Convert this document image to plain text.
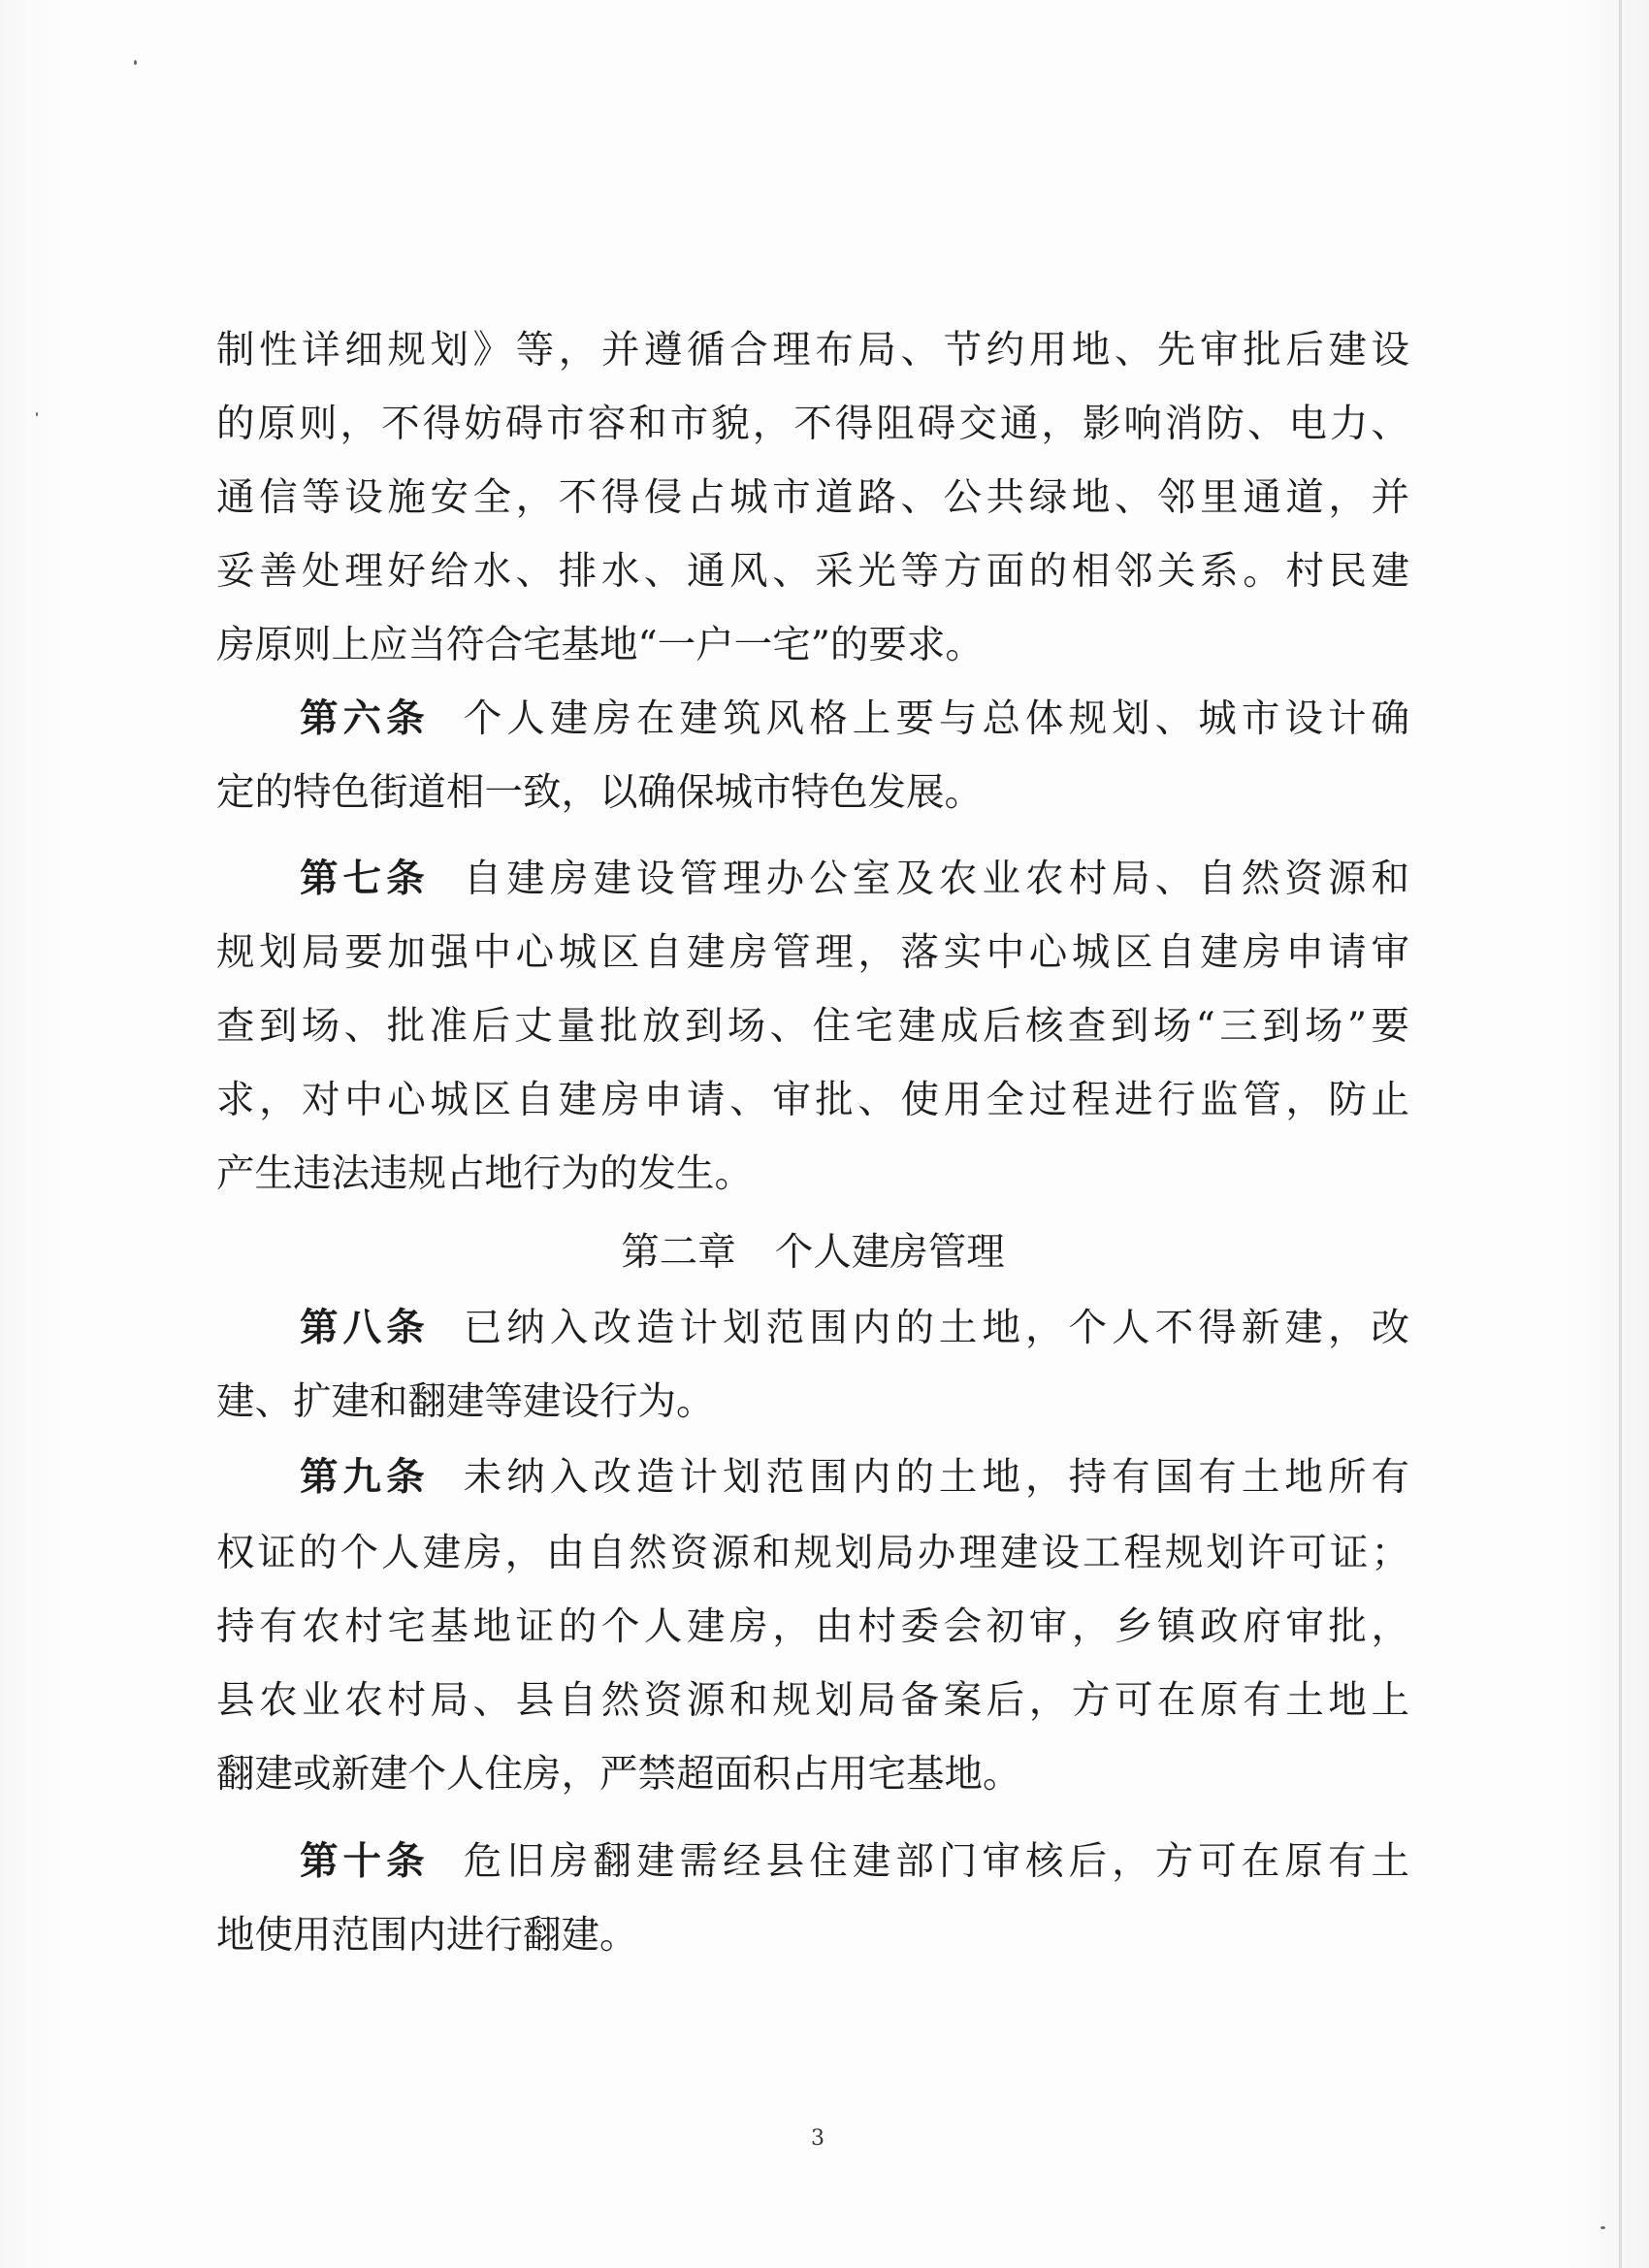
制性详细规划》等，并遵循合理布局、节约用地、先审批后建设
的原则，不得妨碍市容和市貌，不得阻碍交通，影响消防、电力、
通信等设施安全，不得侵占城市道路、公共绿地、邻里通道，并
妥善处理好给水、排水、通风、采光等方面的相邻关系。村民建
房原则上应当符合宅基地“一户一宅”的要求。
第六条 个人建房在建筑风格上要与总体规划、城市设计确
定的特色街道相一致，以确保城市特色发展。
第七条 自建房建设管理办公室及农业农村局、自然资源和
规划局要加强中心城区自建房管理，落实中心城区自建房申请审
查到场、批准后丈量批放到场、住宅建成后核查到场“三到场”要
求，对中心城区自建房申请、审批、使用全过程进行监管，防止
产生违法违规占地行为的发生。
第二章 个人建房管理
第八条 已纳入改造计划范围内的土地，个人不得新建，改
建、扩建和翻建等建设行为。
第九条 未纳入改造计划范围内的土地，持有国有土地所有
权证的个人建房，由自然资源和规划局办理建设工程规划许可证；
持有农村宅基地证的个人建房，由村委会初审，乡镇政府审批，
县农业农村局、县自然资源和规划局备案后，方可在原有土地上
翻建或新建个人住房，严禁超面积占用宅基地。
第十条 危旧房翻建需经县住建部门审核后，方可在原有土
地使用范围内进行翻建。
3
